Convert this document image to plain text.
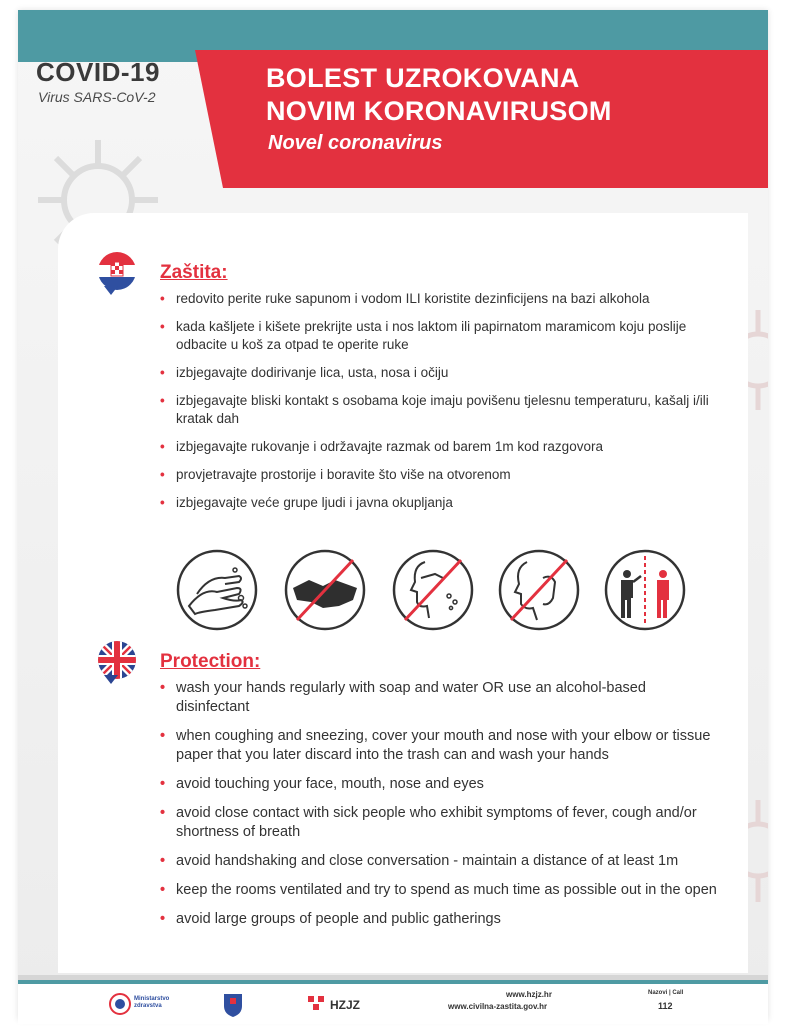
COVID-19
Virus SARS-CoV-2
BOLEST UZROKOVANA
NOVIM KORONAVIRUSOM
Novel coronavirus
Zaštita:
• redovito perite ruke sapunom i vodom ILI koristite dezinficijens na bazi alkohola
• kada kašljete i kišete prekrijte usta i nos laktom ili papirnatom maramicom koju poslije odbacite u koš za otpad te operite ruke
• izbjegavajte dodirivanje lica, usta, nosa i očiju
• izbjegavajte bliski kontakt s osobama koje imaju povišenu tjelesnu temperaturu, kašalj i/ili kratak dah
• izbjegavajte rukovanje i održavajte razmak od barem 1m kod razgovora
• provjetravajte prostorije i boravite što više na otvorenom
• izbjegavajte veće grupe ljudi i javna okupljanja
Protection:
• wash your hands regularly with soap and water OR use an alcohol-based disinfectant
• when coughing and sneezing, cover your mouth and nose with your elbow or tissue paper that you later discard into the trash can and wash your hands
• avoid touching your face, mouth, nose and eyes
• avoid close contact with sick people who exhibit symptoms of fever, cough and/or shortness of breath
• avoid handshaking and close conversation - maintain a distance of at least 1m
• keep the rooms ventilated and try to spend as much time as possible out in the open
• avoid large groups of people and public gatherings
Ministarstvo zdravstva	HZJZ
www.hzjz.hr
www.civilna-zastita.gov.hr
Nazovi | Call
112
